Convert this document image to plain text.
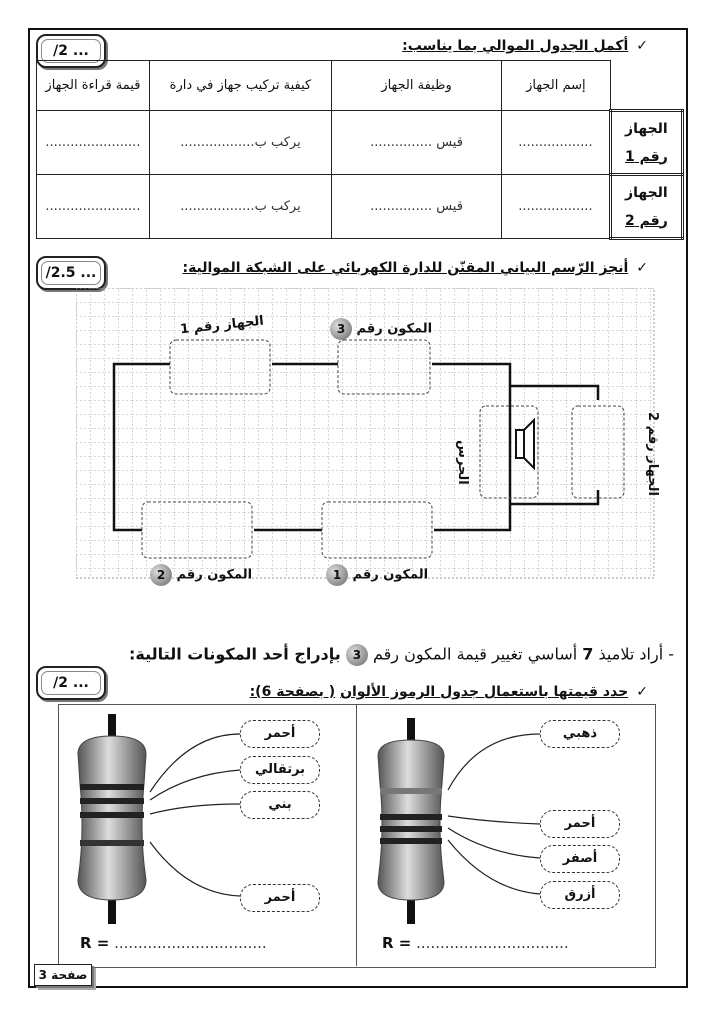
/2 ...	✓أكمل الجدول الموالي بما يناسب:
	إسم الجهاز	وظيفة الجهاز	كيفية تركيب جهاز في دارة	قيمة قراءة الجهاز

الجهاز
رقم 1	..................	قيس ...............	يركب ب..................	.......................

الجهاز
رقم 2	..................	قيس ...............	يركب ب..................	.......................
/2.5 ...	✓أنجز الرّسم البياني المقنّن للدارة الكهربائي على الشبكة الموالية:
الجهاز رقم 1	المكون رقم 3
المكون رقم 2	المكون رقم 1
الجرس
الجهاز رقم 2
- أراد تلاميذ 7 أساسي تغيير قيمة المكون رقم 3 بإدراج أحد المكونات التالية:
/2 ...
✓حدد قيمتها باستعمال جدول الرموز الألوان ( بصفحة 6):
أحمر
برتقالي
بني
أحمر
ذهبي
أحمر
أصفر
أزرق
R = ................................	R = ................................
صفحة 3
